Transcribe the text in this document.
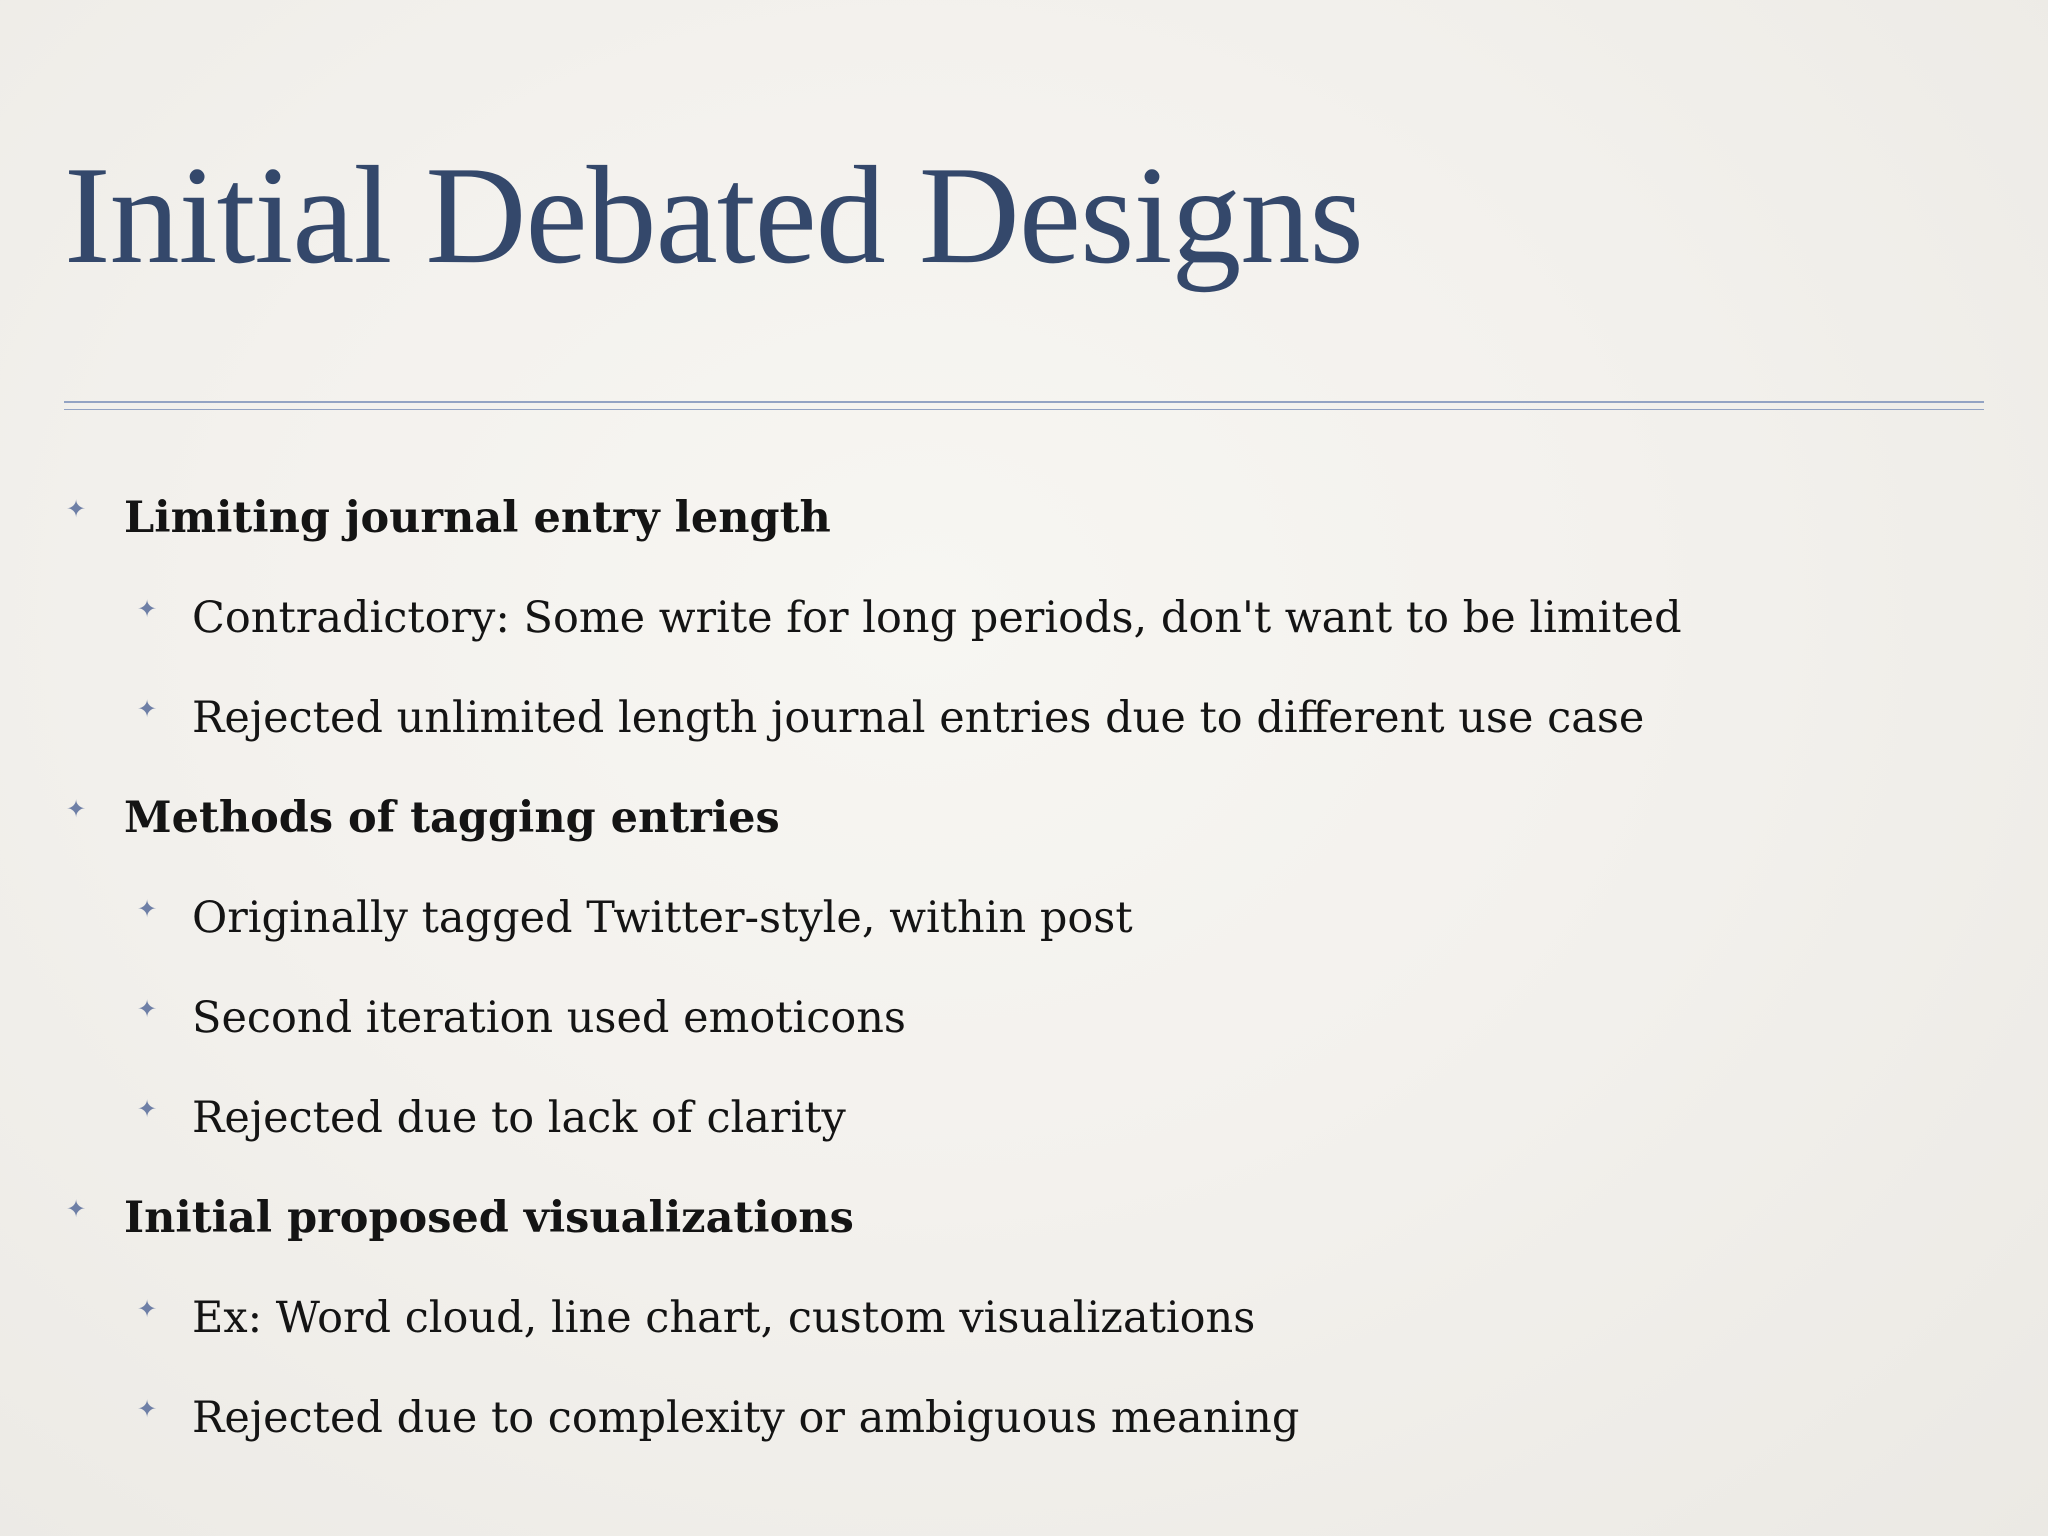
Initial Debated Designs
✦ Limiting journal entry length
✦ Contradictory: Some write for long periods, don't want to be limited
✦ Rejected unlimited length journal entries due to different use case
✦ Methods of tagging entries
✦ Originally tagged Twitter-style, within post
✦ Second iteration used emoticons
✦ Rejected due to lack of clarity
✦ Initial proposed visualizations
✦ Ex: Word cloud, line chart, custom visualizations
✦ Rejected due to complexity or ambiguous meaning
